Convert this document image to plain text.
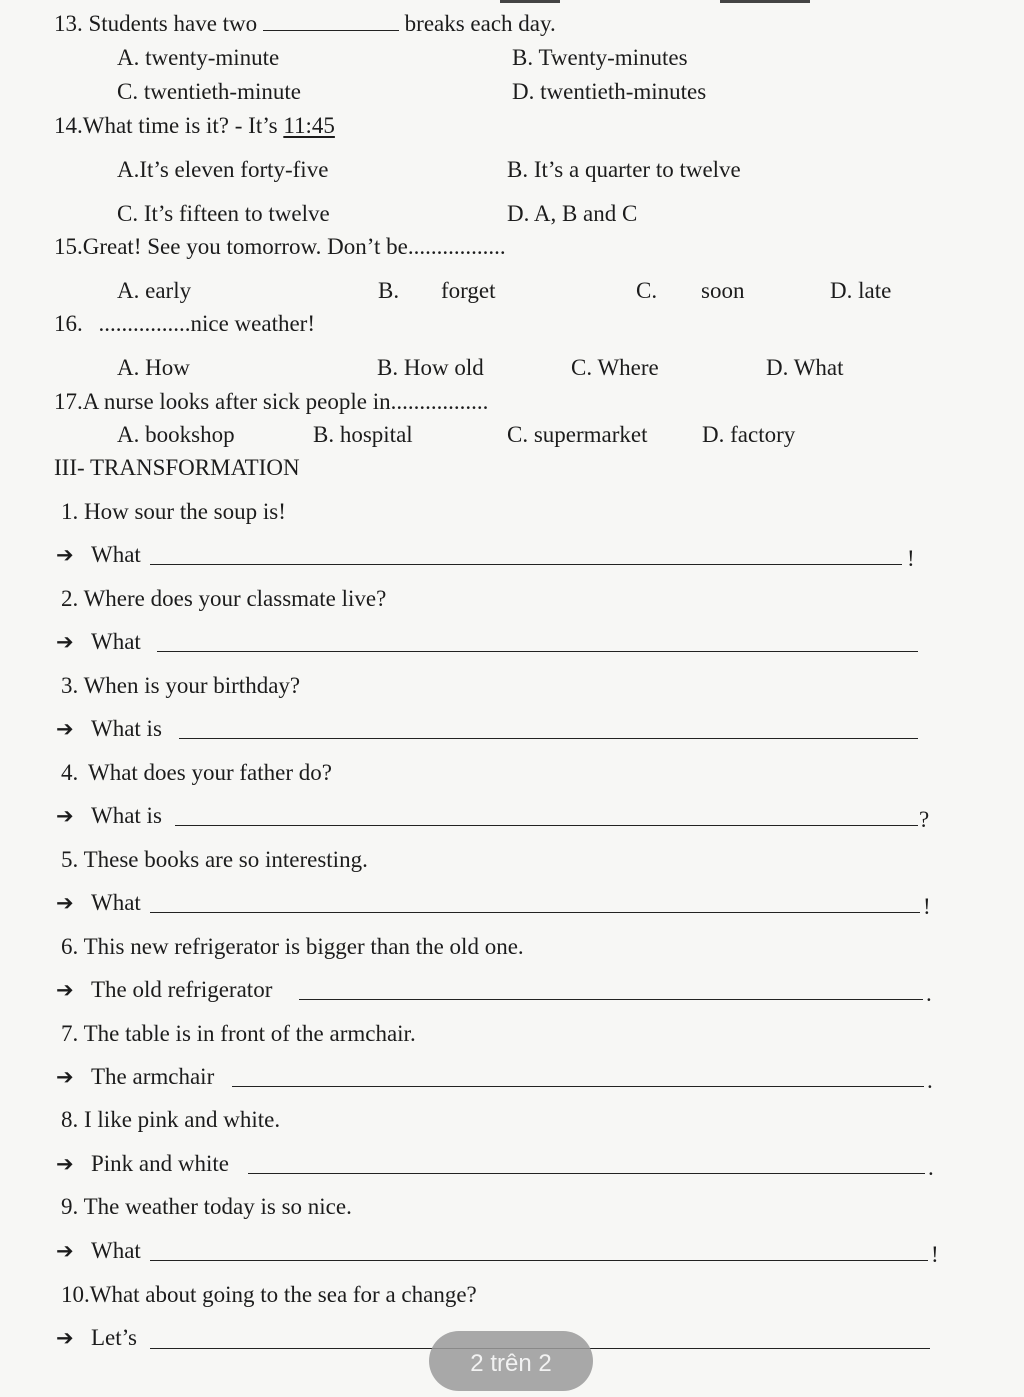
13. Students have two	breaks each day.
A. twenty-minute	B. Twenty-minutes
C. twentieth-minute	D. twentieth-minutes
14.What time is it? - It’s 11:45
A.It’s eleven forty-five	B. It’s a quarter to twelve
C. It’s fifteen to twelve	D. A, B and C
15.Great! See you tomorrow. Don’t be.................
A. early	B. forget	C. soon	D. late
16. ................nice weather!
A. How	B. How old	C. Where	D. What
17.A nurse looks after sick people in.................
A. bookshop	B. hospital	C. supermarket D. factory
III- TRANSFORMATION
1. How sour the soup is!
➔ What	!
2. Where does your classmate live?
➔ What
3. When is your birthday?
➔ What is
4. What does your father do?
➔ What is	?
5. These books are so interesting.
➔ What	!
6. This new refrigerator is bigger than the old one.
➔ The old refrigerator	.
7. The table is in front of the armchair.
➔ The armchair	.
8. I like pink and white.
➔ Pink and white	.
9. The weather today is so nice.
➔ What	!
10.What about going to the sea for a change?
➔ Let’s
2 trên 2
